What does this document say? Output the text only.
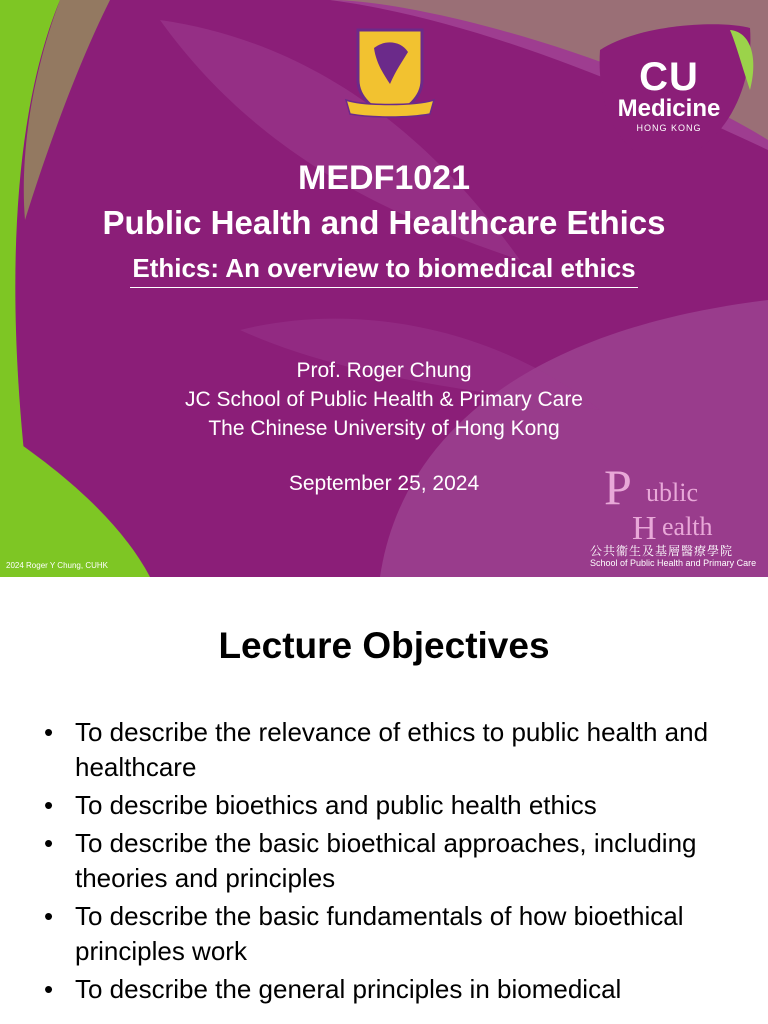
CU
Medicine
HONG KONG
MEDF1021
Public Health and Healthcare Ethics
Ethics: An overview to biomedical ethics
Prof. Roger Chung
JC School of Public Health & Primary Care
The Chinese University of Hong Kong
September 25, 2024	P ublic
H ealth
公共衞生及基層醫療學院
School of Public Health and Primary Care
2024 Roger Y Chung, CUHK
Lecture Objectives
• To describe the relevance of ethics to public health and healthcare
• To describe bioethics and public health ethics
• To describe the basic bioethical approaches, including theories and principles
• To describe the basic fundamentals of how bioethical principles work
• To describe the general principles in biomedical
